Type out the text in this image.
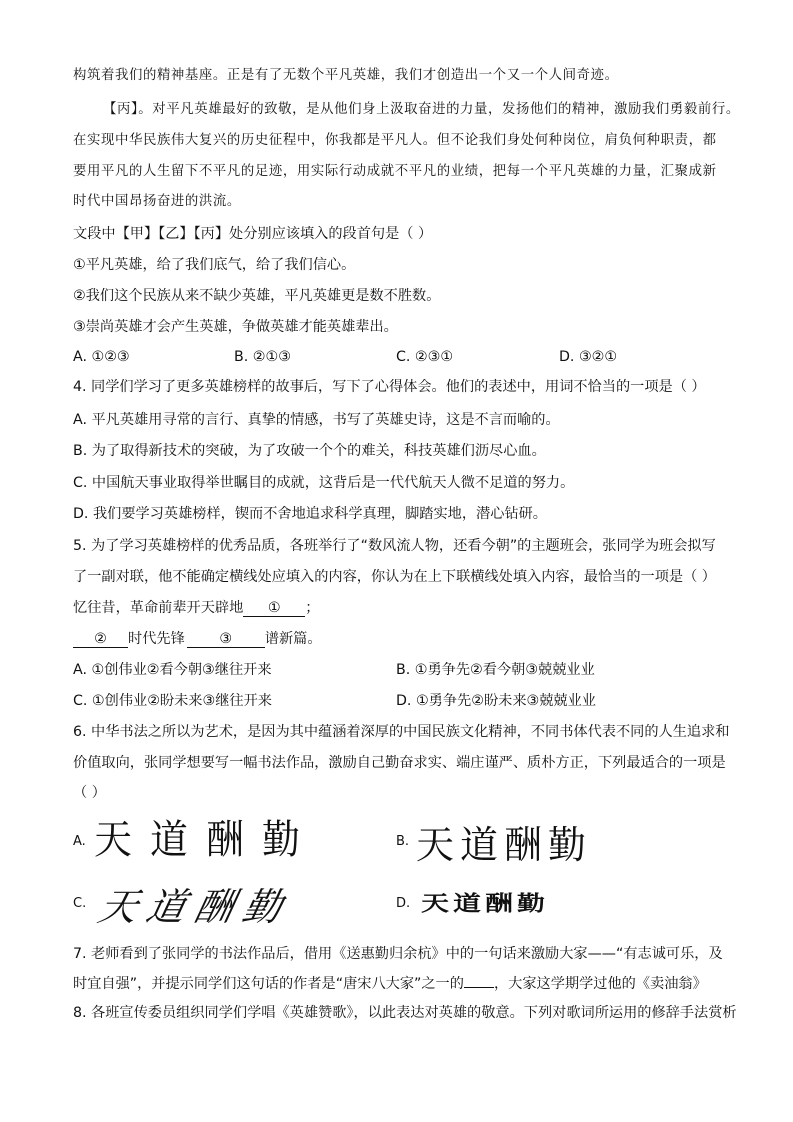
构筑着我们的精神基座。正是有了无数个平凡英雄，我们才创造出一个又一个人间奇迹。
【丙】。对平凡英雄最好的致敬，是从他们身上汲取奋进的力量，发扬他们的精神，激励我们勇毅前行。
在实现中华民族伟大复兴的历史征程中，你我都是平凡人。但不论我们身处何种岗位，肩负何种职责，都
要用平凡的人生留下不平凡的足迹，用实际行动成就不平凡的业绩，把每一个平凡英雄的力量，汇聚成新
时代中国昂扬奋进的洪流。
文段中【甲】【乙】【丙】处分别应该填入的段首句是（ ）
①平凡英雄，给了我们底气，给了我们信心。
②我们这个民族从来不缺少英雄，平凡英雄更是数不胜数。
③崇尚英雄才会产生英雄，争做英雄才能英雄辈出。
A. ①②③	B. ②①③	C. ②③①	D. ③②①
4. 同学们学习了更多英雄榜样的故事后，写下了心得体会。他们的表述中，用词不恰当的一项是（ ）
A. 平凡英雄用寻常的言行、真挚的情感，书写了英雄史诗，这是不言而喻的。
B. 为了取得新技术的突破，为了攻破一个个的难关，科技英雄们沥尽心血。
C. 中国航天事业取得举世瞩目的成就，这背后是一代代航天人微不足道的努力。
D. 我们要学习英雄榜样，锲而不舍地追求科学真理，脚踏实地，潜心钻研。
5. 为了学习英雄榜样的优秀品质，各班举行了“数风流人物，还看今朝”的主题班会，张同学为班会拟写
了一副对联，他不能确定横线处应填入的内容，你认为在上下联横线处填入内容，最恰当的一项是（ ）
忆往昔，革命前辈开天辟地 ① ；
② 时代先锋 ③ 谱新篇。
A. ①创伟业②看今朝③继往开来	B. ①勇争先②看今朝③兢兢业业
C. ①创伟业②盼未来③继往开来	D. ①勇争先②盼未来③兢兢业业
6. 中华书法之所以为艺术，是因为其中蕴涵着深厚的中国民族文化精神，不同书体代表不同的人生追求和
价值取向，张同学想要写一幅书法作品，激励自己勤奋求实、端庄谨严、质朴方正，下列最适合的一项是
（ ）
A. 天道酬勤	B. 天道酬勤
C. 天道酬勤	D. 天道酬勤
7. 老师看到了张同学的书法作品后，借用《送惠勤归余杭》中的一句话来激励大家——“有志诚可乐，及
时宜自强”，并提示同学们这句话的作者是“唐宋八大家”之一的 ，大家这学期学过他的《卖油翁》
8. 各班宣传委员组织同学们学唱《英雄赞歌》，以此表达对英雄的敬意。下列对歌词所运用的修辞手法赏析
